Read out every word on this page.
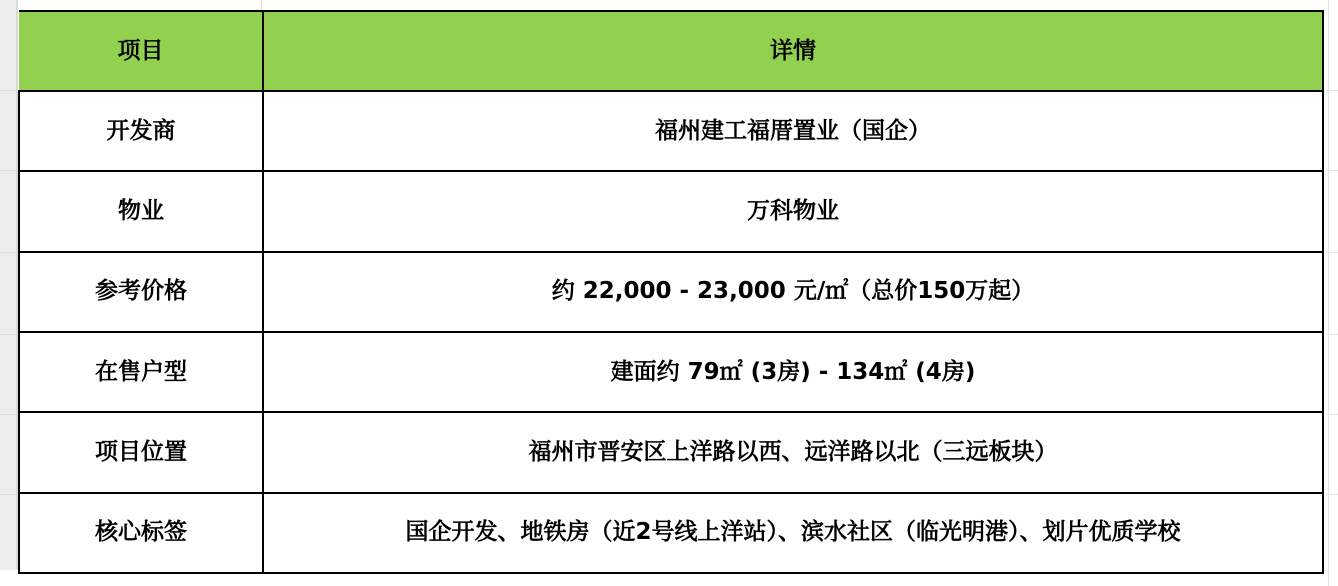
项目	详情
开发商	福州建工福厝置业（国企）
物业	万科物业
参考价格	约 22,000 - 23,000 元/㎡（总价150万起）
在售户型	建面约 79㎡ (3房) - 134㎡ (4房)
项目位置	福州市晋安区上洋路以西、远洋路以北（三远板块）
核心标签	国企开发、地铁房（近2号线上洋站）、滨水社区（临光明港）、划片优质学校
